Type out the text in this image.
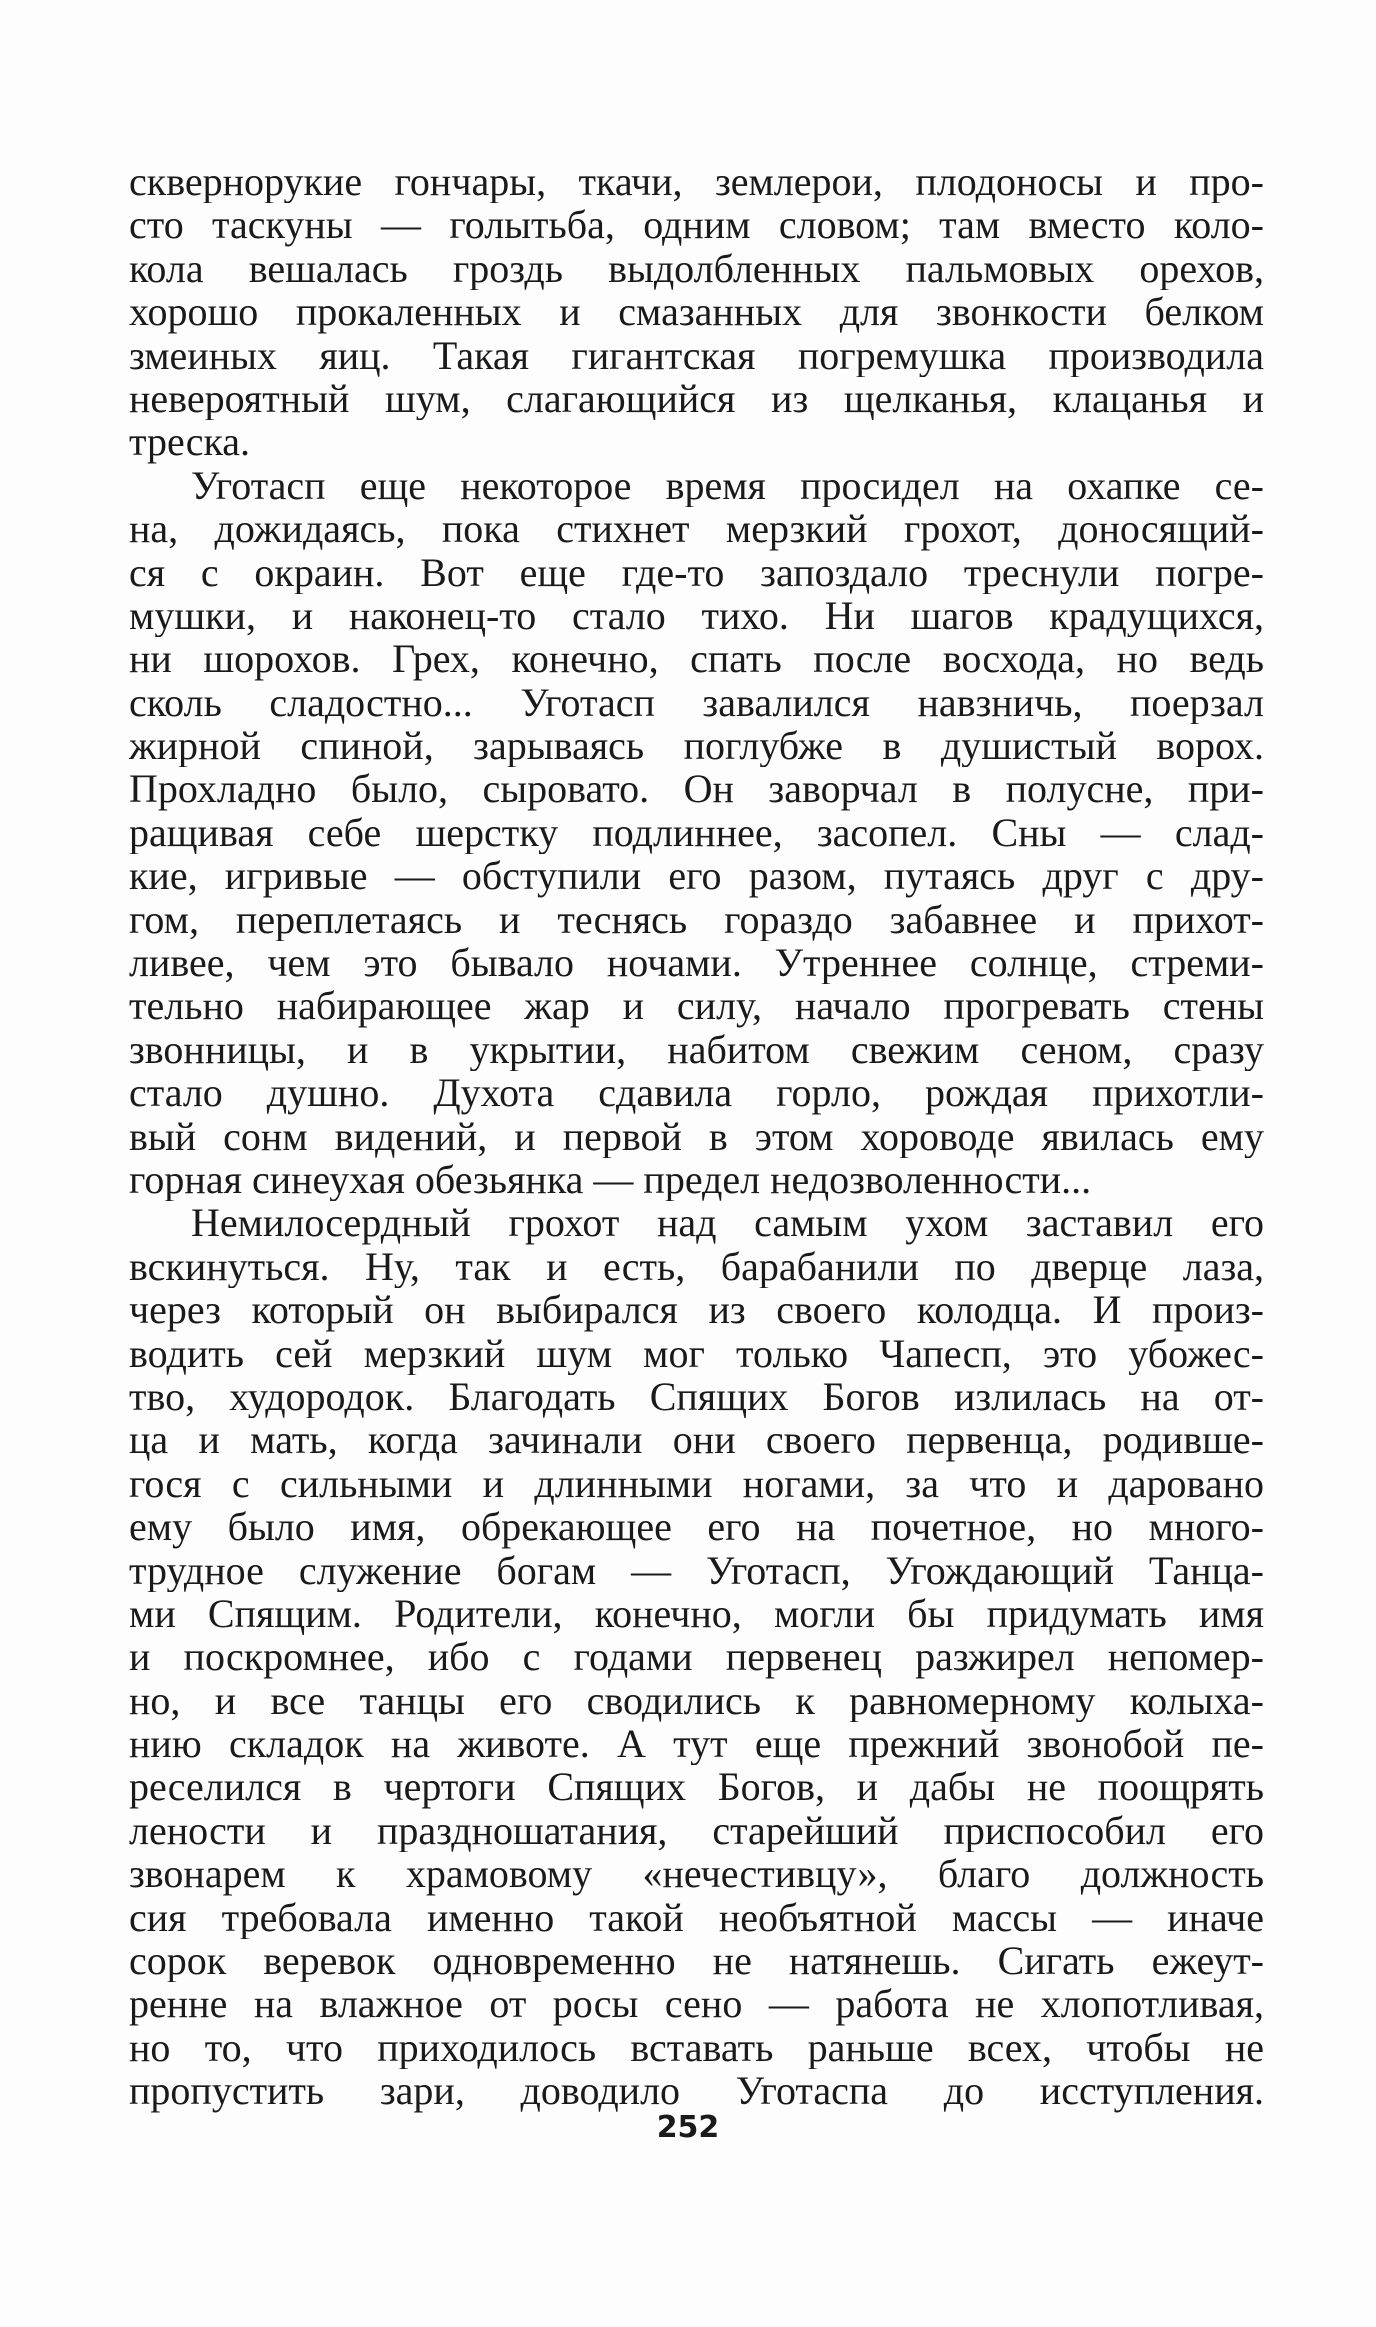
сквернорукие гончары, ткачи, землерои, плодоносы и про-
сто таскуны — голытьба, одним словом; там вместо коло-
кола вешалась гроздь выдолбленных пальмовых орехов,
хорошо прокаленных и смазанных для звонкости белком
змеиных яиц. Такая гигантская погремушка производила
невероятный шум, слагающийся из щелканья, клацанья и
треска.
Уготасп еще некоторое время просидел на охапке се-
на, дожидаясь, пока стихнет мерзкий грохот, доносящий-
ся с окраин. Вот еще где-то запоздало треснули погре-
мушки, и наконец-то стало тихо. Ни шагов крадущихся,
ни шорохов. Грех, конечно, спать после восхода, но ведь
сколь сладостно... Уготасп завалился навзничь, поерзал
жирной спиной, зарываясь поглубже в душистый ворох.
Прохладно было, сыровато. Он заворчал в полусне, при-
ращивая себе шерстку подлиннее, засопел. Сны — слад-
кие, игривые — обступили его разом, путаясь друг с дру-
гом, переплетаясь и теснясь гораздо забавнее и прихот-
ливее, чем это бывало ночами. Утреннее солнце, стреми-
тельно набирающее жар и силу, начало прогревать стены
звонницы, и в укрытии, набитом свежим сеном, сразу
стало душно. Духота сдавила горло, рождая прихотли-
вый сонм видений, и первой в этом хороводе явилась ему
горная синеухая обезьянка — предел недозволенности...
Немилосердный грохот над самым ухом заставил его
вскинуться. Ну, так и есть, барабанили по дверце лаза,
через который он выбирался из своего колодца. И произ-
водить сей мерзкий шум мог только Чапесп, это убожес-
тво, худородок. Благодать Спящих Богов излилась на от-
ца и мать, когда зачинали они своего первенца, родивше-
гося с сильными и длинными ногами, за что и даровано
ему было имя, обрекающее его на почетное, но много-
трудное служение богам — Уготасп, Угождающий Танца-
ми Спящим. Родители, конечно, могли бы придумать имя
и поскромнее, ибо с годами первенец разжирел непомер-
но, и все танцы его сводились к равномерному колыха-
нию складок на животе. А тут еще прежний звонобой пе-
реселился в чертоги Спящих Богов, и дабы не поощрять
лености и праздношатания, старейший приспособил его
звонарем к храмовому «нечестивцу», благо должность
сия требовала именно такой необъятной массы — иначе
сорок веревок одновременно не натянешь. Сигать ежеут-
ренне на влажное от росы сено — работа не хлопотливая,
но то, что приходилось вставать раньше всех, чтобы не
пропустить зари, доводило Уготаспа до исступления.
252
